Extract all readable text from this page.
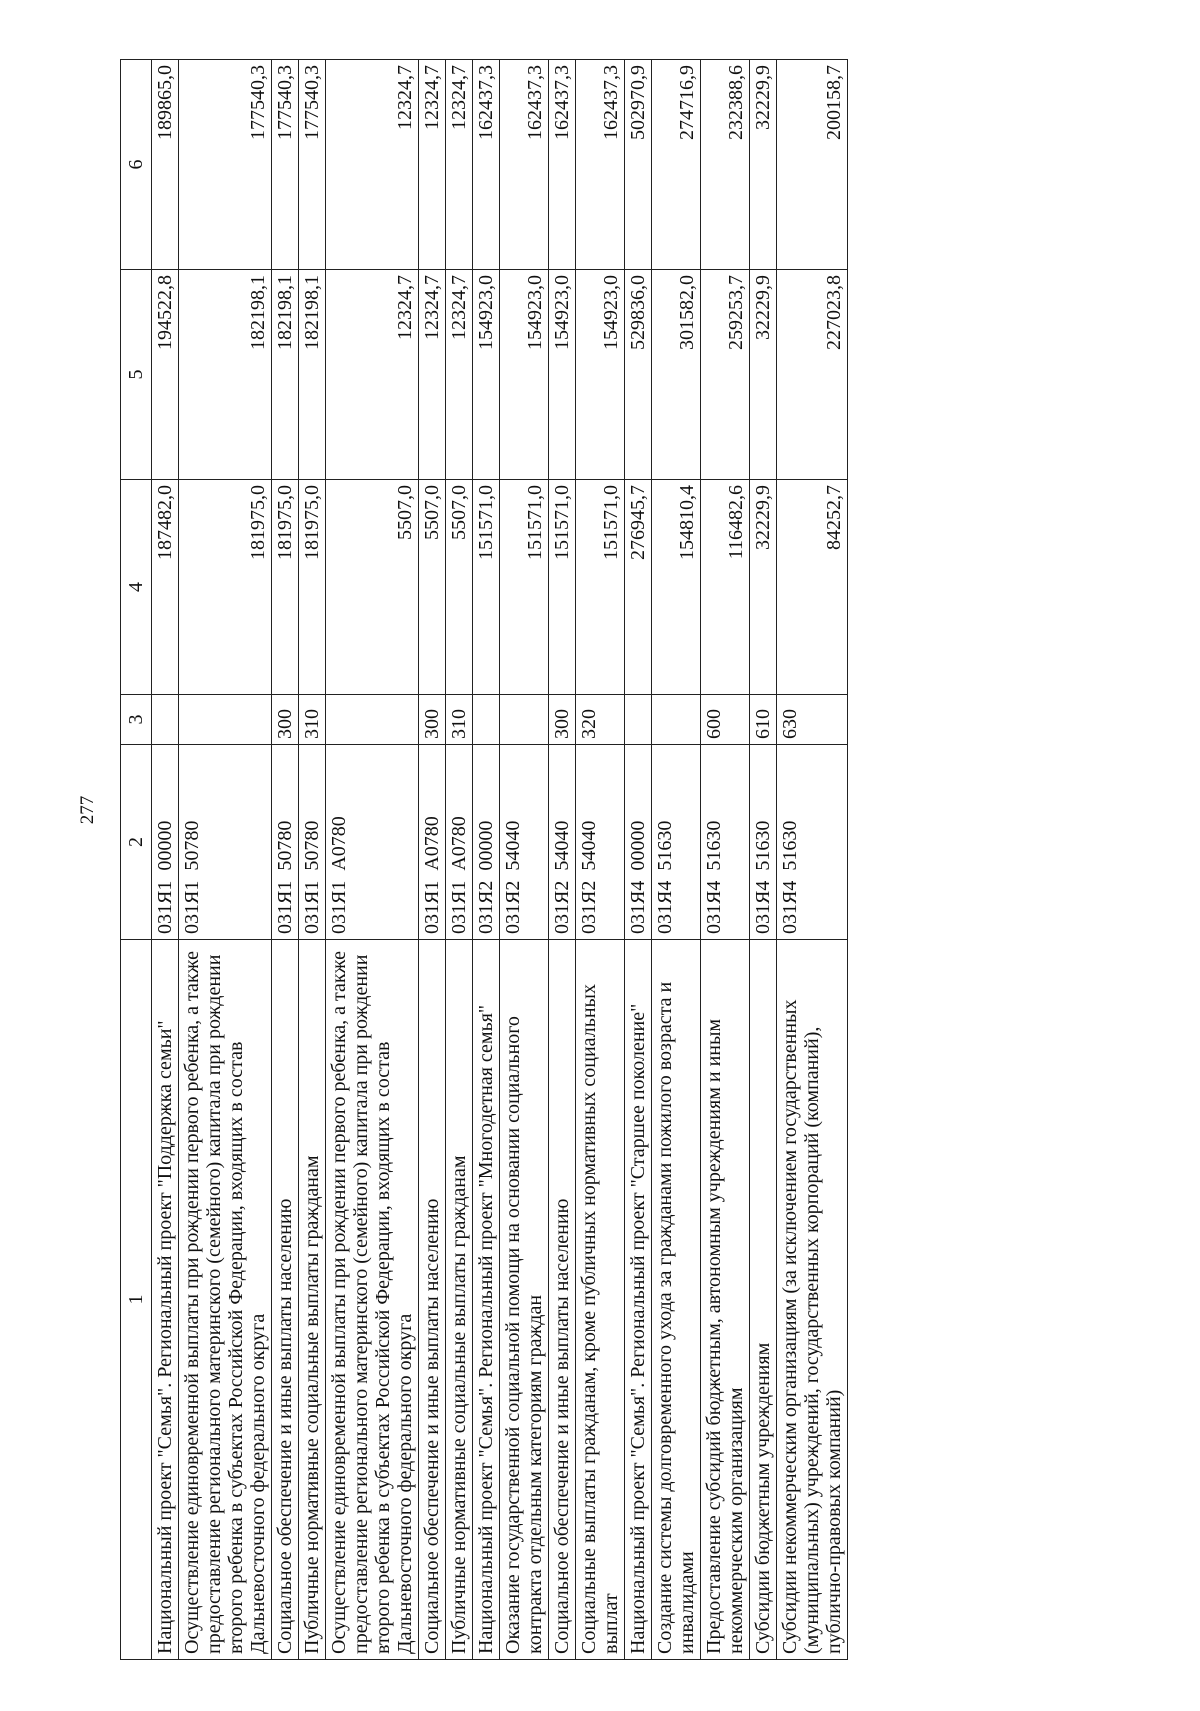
277
1	2	3	4	5	6
Национальный проект "Семья". Региональный проект "Поддержка семьи"	031Я1  00000		187482,0	194522,8	189865,0
Осуществление единовременной выплаты при рождении первого ребенка, а также предоставление регионального материнского (семейного) капитала при рождении второго ребенка в субъектах Российской Федерации, входящих в состав Дальневосточного федерального округа	031Я1  50780		181975,0	182198,1	177540,3
Социальное обеспечение и иные выплаты населению	031Я1  50780	300	181975,0	182198,1	177540,3
Публичные нормативные социальные выплаты гражданам	031Я1  50780	310	181975,0	182198,1	177540,3
Осуществление единовременной выплаты при рождении первого ребенка, а также предоставление регионального материнского (семейного) капитала при рождении второго ребенка в субъектах Российской Федерации, входящих в состав Дальневосточного федерального округа	031Я1  А0780		5507,0	12324,7	12324,7
Социальное обеспечение и иные выплаты населению	031Я1  А0780	300	5507,0	12324,7	12324,7
Публичные нормативные социальные выплаты гражданам	031Я1  А0780	310	5507,0	12324,7	12324,7
Национальный проект "Семья". Региональный проект "Многодетная семья"	031Я2  00000		151571,0	154923,0	162437,3
Оказание государственной социальной помощи на основании социального контракта отдельным категориям граждан	031Я2  54040		151571,0	154923,0	162437,3
Социальное обеспечение и иные выплаты населению	031Я2  54040	300	151571,0	154923,0	162437,3
Социальные выплаты гражданам, кроме публичных нормативных социальных выплат	031Я2  54040	320	151571,0	154923,0	162437,3
Национальный проект "Семья". Региональный проект "Старшее поколение"	031Я4  00000		276945,7	529836,0	502970,9
Создание системы долговременного ухода за гражданами пожилого возраста и инвалидами	031Я4  51630		154810,4	301582,0	274716,9
Предоставление субсидий бюджетным, автономным учреждениям и иным некоммерческим организациям	031Я4  51630	600	116482,6	259253,7	232388,6
Субсидии бюджетным учреждениям	031Я4  51630	610	32229,9	32229,9	32229,9
Субсидии некоммерческим организациям (за исключением государственных (муниципальных) учреждений, государственных корпораций (компаний), публично-правовых компаний)	031Я4  51630	630	84252,7	227023,8	200158,7
